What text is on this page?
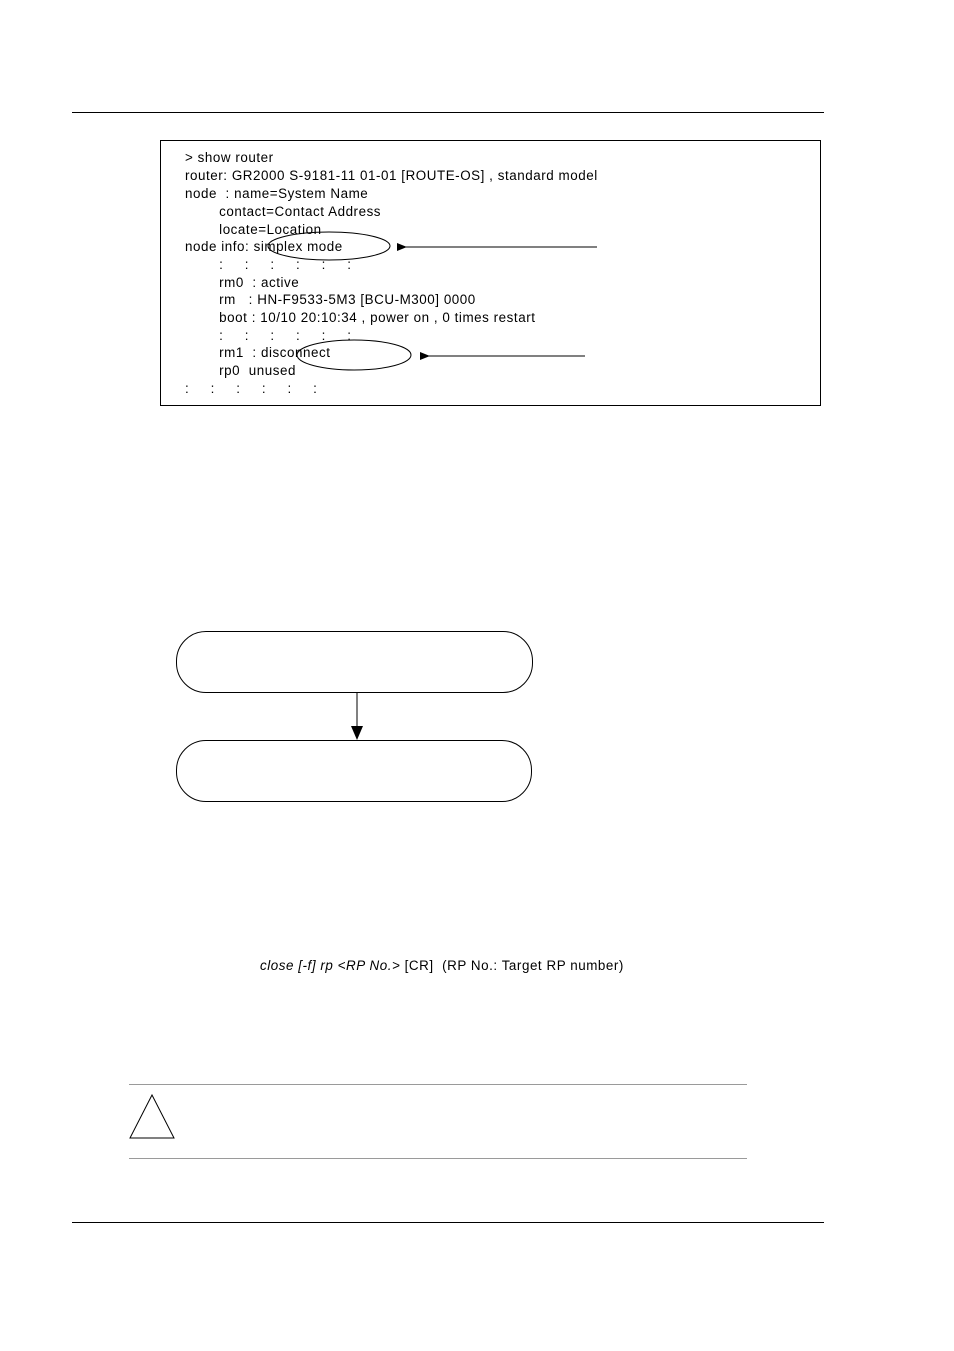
> show router
router: GR2000 S-9181-11 01-01 [ROUTE-OS] , standard model
node  : name=System Name
contact=Contact Address
locate=Location
node info: simplex mode
:     :     :     :     :     :
rm0  : active
rm   : HN-F9533-5M3 [BCU-M300] 0000
boot : 10/10 20:10:34 , power on , 0 times restart
:     :     :     :     :     :
rm1  : disconnect
rp0  unused
:     :     :     :     :     :
close [-f] rp <RP No.> [CR]  (RP No.: Target RP number)
